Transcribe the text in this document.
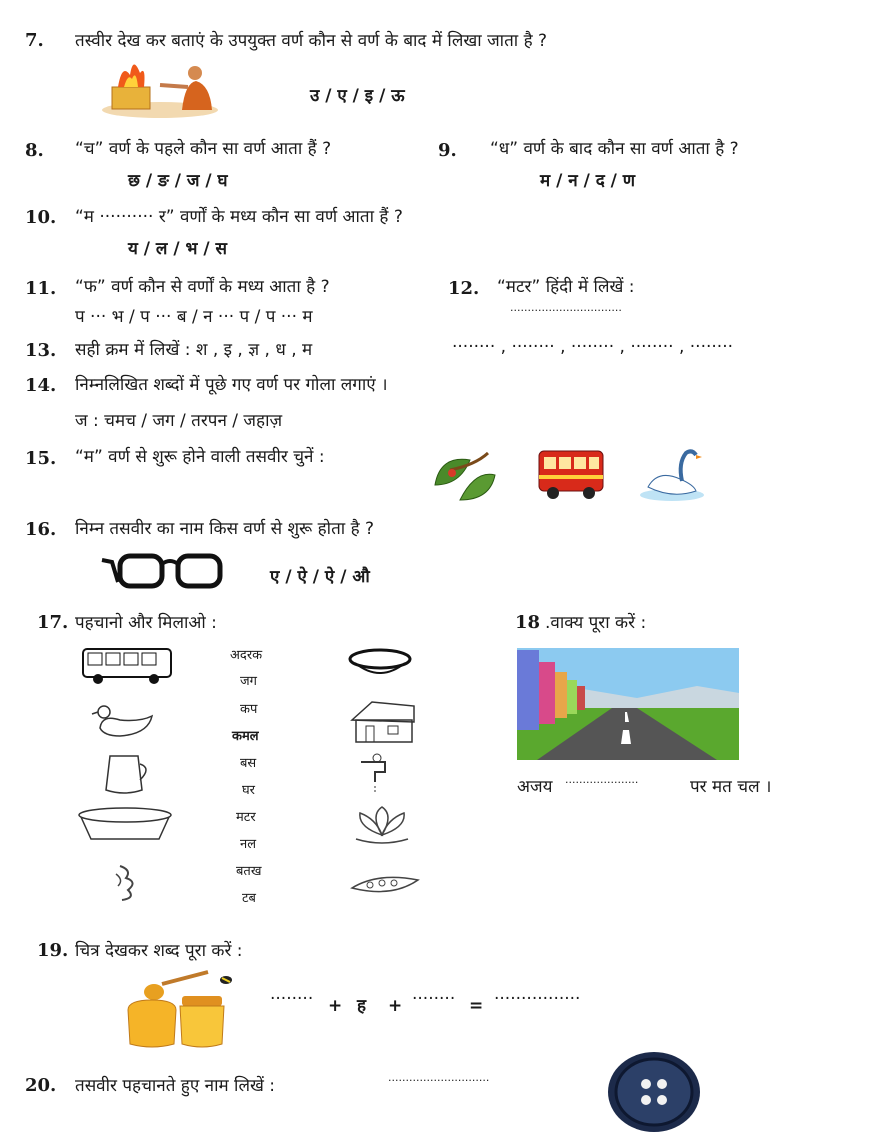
7. तस्वीर देख कर बताएं के उपयुक्त वर्ण कौन से वर्ण के बाद में लिखा जाता है ?
उ / ए / इ / ऊ
8. “च” वर्ण के पहले कौन सा वर्ण आता हैं ?
छ / ङ / ज / घ
9. “ध” वर्ण के बाद कौन सा वर्ण आता है ?
म / न / द / ण
10. “म ·········· र” वर्णों के मध्य कौन सा वर्ण आता हैं ?
य / ल / भ / स
11. “फ” वर्ण कौन से वर्णों के मध्य आता है ?
प ··· भ / प ··· ब / न ··· प / प ··· म
12. “मटर” हिंदी में लिखें :
································
13. सही क्रम में लिखें : श , इ , ज्ञ , ध , म	········ , ········ , ········ , ········ , ········
14. निम्नलिखित शब्दों में पूछे गए वर्ण पर गोला लगाएं ।
ज : चमच / जग / तरपन / जहाज़
15. “म” वर्ण से शुरू होने वाली तसवीर चुनें :
16. निम्न तसवीर का नाम किस वर्ण से शुरू होता है ?
ए / ऐ / ऐ / औ
17. पहचानो और मिलाओ :
अदरक
जग
कप
कमल
बस
घर
मटर
नल
बतख
टब
18 .वाक्य पूरा करें :
अजय ·····················	पर मत चल ।
19. चित्र देखकर शब्द पूरा करें :
········ + ह + ········ = ················
20. तसवीर पहचानते हुए नाम लिखें :	·····························
